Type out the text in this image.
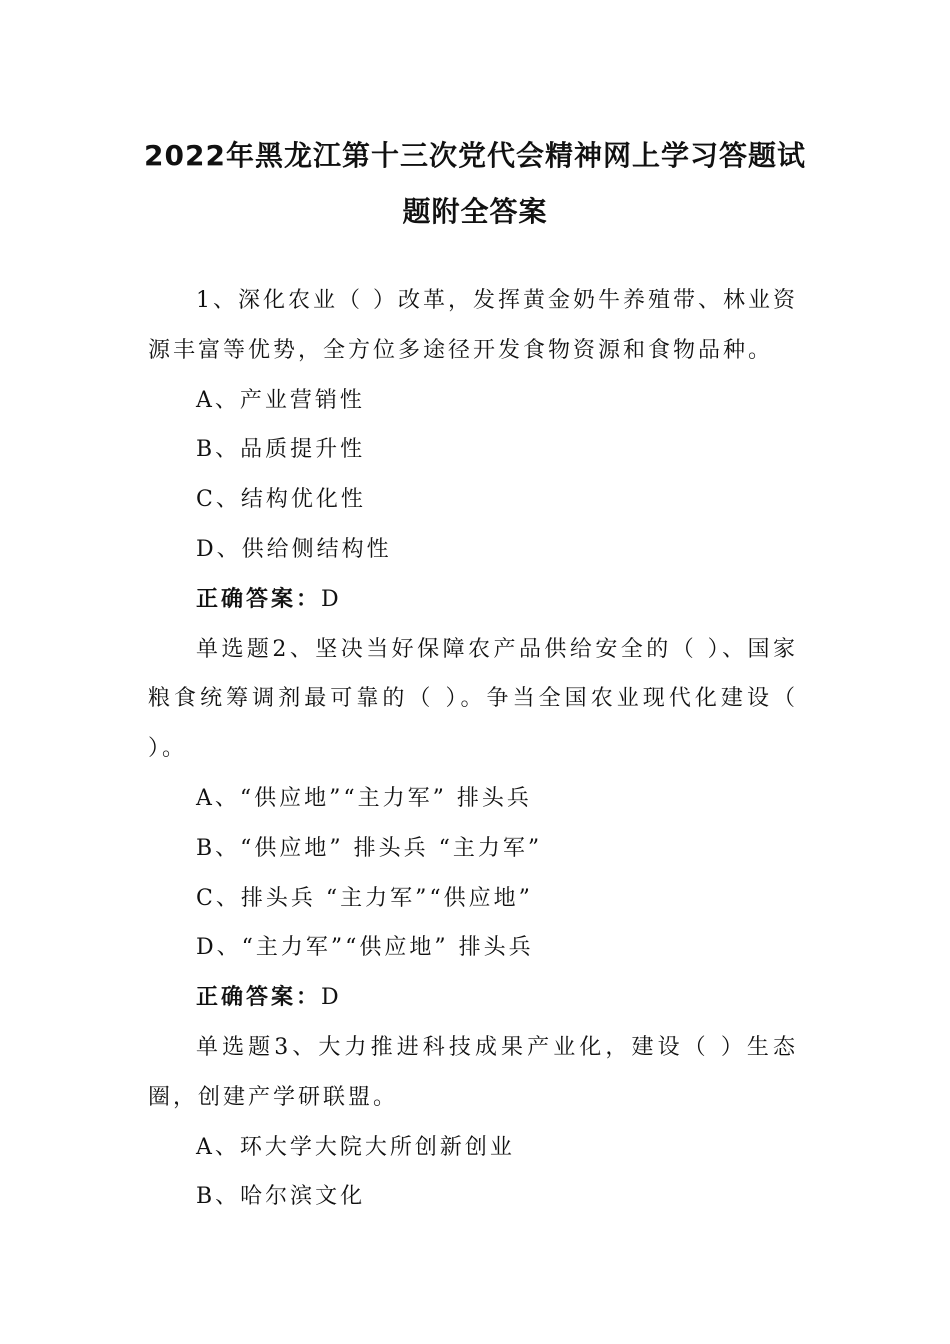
2022年黑龙江第十三次党代会精神网上学习答题试
题附全答案

1、深化农业（ ）改革，发挥黄金奶牛养殖带、林业资源丰富等优势，全方位多途径开发食物资源和食物品种。

A、产业营销性

B、品质提升性

C、结构优化性

D、供给侧结构性

正确答案：D

单选题2、坚决当好保障农产品供给安全的（ ）、国家粮食统筹调剂最可靠的（ ）。争当全国农业现代化建设（ ）。

A、“供应地”“主力军” 排头兵

B、“供应地” 排头兵 “主力军”

C、排头兵 “主力军”“供应地”

D、“主力军”“供应地” 排头兵

正确答案：D

单选题3、大力推进科技成果产业化，建设（ ）生态圈，创建产学研联盟。

A、环大学大院大所创新创业

B、哈尔滨文化
